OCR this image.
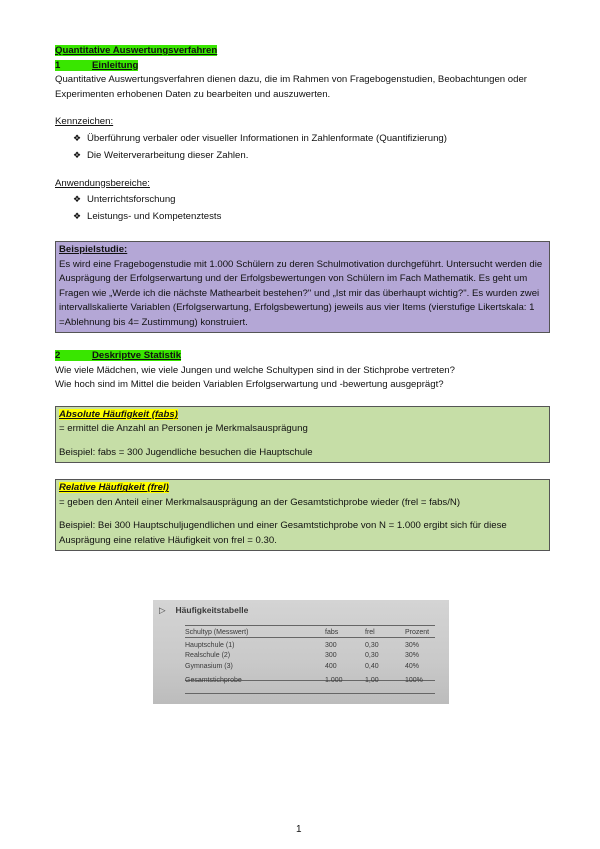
Quantitative Auswertungsverfahren

1	Einleitung

Quantitative Auswertungsverfahren dienen dazu, die im Rahmen von Fragebogenstudien, Beobachtungen oder Experimenten erhobenen Daten zu bearbeiten und auszuwerten.

Kennzeichen:

❖ Überführung verbaler oder visueller Informationen in Zahlenformate (Quantifizierung)
❖ Die Weiterverarbeitung dieser Zahlen.

Anwendungsbereiche:

❖ Unterrichtsforschung
❖ Leistungs- und Kompetenztests

Beispielstudie:

Es wird eine Fragebogenstudie mit 1.000 Schülern zu deren Schulmotivation durchgeführt. Untersucht werden die Ausprägung der Erfolgserwartung und der Erfolgsbewertungen von Schülern im Fach Mathematik. Es geht um Fragen wie „Werde ich die nächste Mathearbeit bestehen?" und „Ist mir das überhaupt wichtig?". Es wurden zwei intervallskalierte Variablen (Erfolgserwartung, Erfolgsbewertung) jeweils aus vier Items (vierstufige Likertskala: 1 =Ablehnung bis 4= Zustimmung) konstruiert.

2	Deskriptve Statistik

Wie viele Mädchen, wie viele Jungen und welche Schultypen sind in der Stichprobe vertreten?

Wie hoch sind im Mittel die beiden Variablen Erfolgserwartung und -bewertung ausgeprägt?

Absolute Häufigkeit (fabs)

= ermittel die Anzahl an Personen je Merkmalsausprägung

Beispiel: fabs = 300 Jugendliche besuchen die Hauptschule

Relative Häufigkeit (frel)

= geben den Anteil einer Merkmalsausprägung an der Gesamtstichprobe wieder (frel = fabs/N)

Beispiel: Bei 300 Hauptschuljugendlichen und einer Gesamtstichprobe von N = 1.000 ergibt sich für diese Ausprägung eine relative Häufigkeit von frel = 0.30.

▷ Häufigkeitstabelle
Schultyp (Messwert)	fabs	frel	Prozent
Hauptschule (1)	300	0,30	30%
Realschule (2)	300	0,30	30%
Gymnasium (3)	400	0,40	40%
Gesamtstichprobe	1.000	1,00	100%
1
